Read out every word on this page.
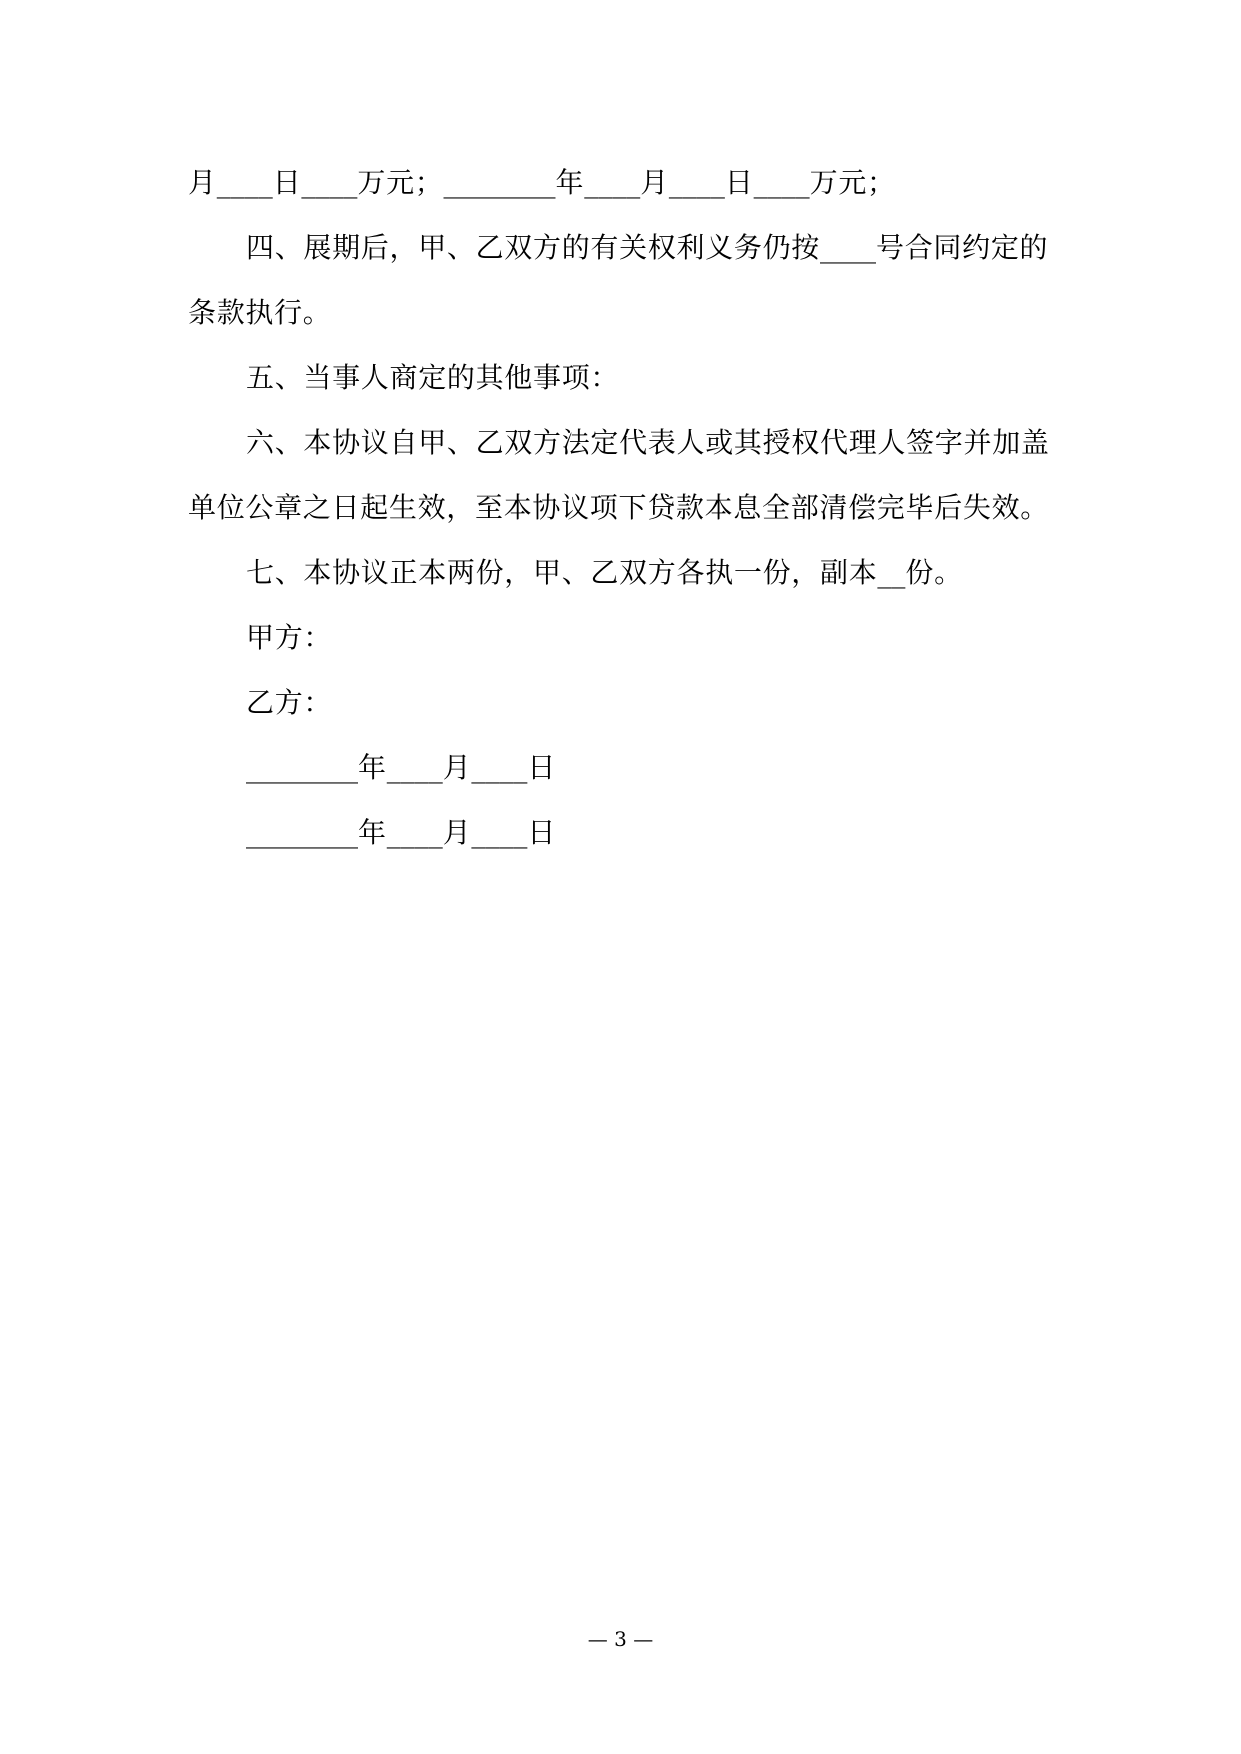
月____日____万元；________年____月____日____万元；
四、展期后，甲、乙双方的有关权利义务仍按____号合同约定的
条款执行。
五、当事人商定的其他事项：
六、本协议自甲、乙双方法定代表人或其授权代理人签字并加盖
单位公章之日起生效，至本协议项下贷款本息全部清偿完毕后失效。
七、本协议正本两份，甲、乙双方各执一份，副本__份。
甲方：
乙方：
________年____月____日
________年____月____日
— 3 —
